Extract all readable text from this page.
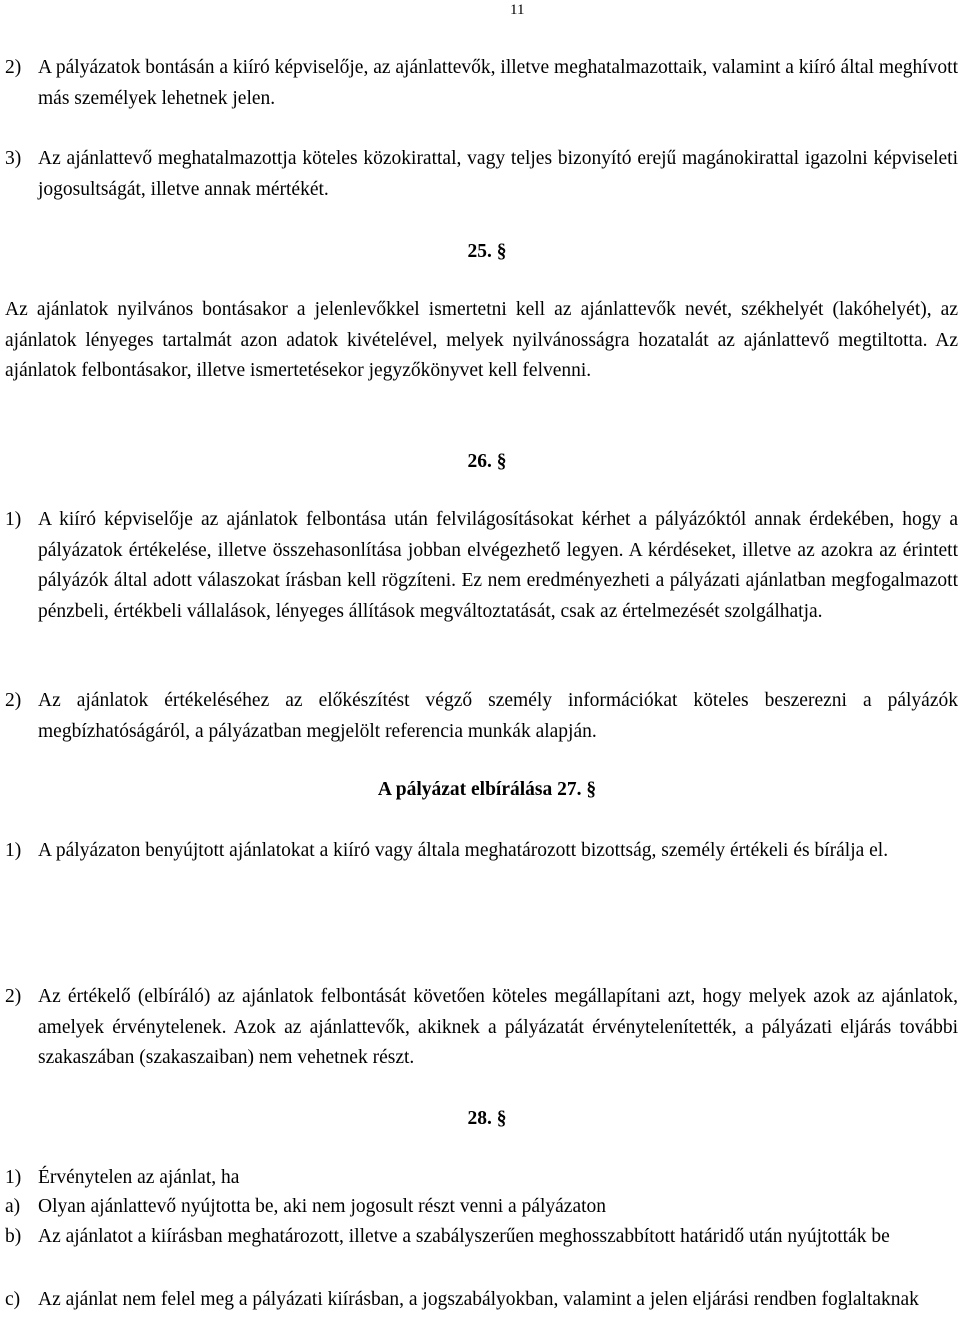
11
2) A pályázatok bontásán a kiíró képviselője, az ajánlattevők, illetve meghatalmazottaik, valamint a kiíró által meghívott más személyek lehetnek jelen.
3) Az ajánlattevő meghatalmazottja köteles közokirattal, vagy teljes bizonyító erejű magánokirattal igazolni képviseleti jogosultságát, illetve annak mértékét.
25. §
Az ajánlatok nyilvános bontásakor a jelenlevőkkel ismertetni kell az ajánlattevők nevét, székhelyét (lakóhelyét), az ajánlatok lényeges tartalmát azon adatok kivételével, melyek nyilvánosságra hozatalát az ajánlattevő megtiltotta. Az ajánlatok felbontásakor, illetve ismertetésekor jegyzőkönyvet kell felvenni.
26. §
1) A kiíró képviselője az ajánlatok felbontása után felvilágosításokat kérhet a pályázóktól annak érdekében, hogy a pályázatok értékelése, illetve összehasonlítása jobban elvégezhető legyen. A kérdéseket, illetve az azokra az érintett pályázók által adott válaszokat írásban kell rögzíteni. Ez nem eredményezheti a pályázati ajánlatban megfogalmazott pénzbeli, értékbeli vállalások, lényeges állítások megváltoztatását, csak az értelmezését szolgálhatja.
2) Az ajánlatok értékeléséhez az előkészítést végző személy információkat köteles beszerezni a pályázók megbízhatóságáról, a pályázatban megjelölt referencia munkák alapján.
A pályázat elbírálása 27. §
1) A pályázaton benyújtott ajánlatokat a kiíró vagy általa meghatározott bizottság, személy értékeli és bírálja el.
2) Az értékelő (elbíráló) az ajánlatok felbontását követően köteles megállapítani azt, hogy melyek azok az ajánlatok, amelyek érvénytelenek. Azok az ajánlattevők, akiknek a pályázatát érvénytelenítették, a pályázati eljárás további szakaszában (szakaszaiban) nem vehetnek részt.
28. §
1) Érvénytelen az ajánlat, ha
a) Olyan ajánlattevő nyújtotta be, aki nem jogosult részt venni a pályázaton
b) Az ajánlatot a kiírásban meghatározott, illetve a szabályszerűen meghosszabbított határidő után nyújtották be
c) Az ajánlat nem felel meg a pályázati kiírásban, a jogszabályokban, valamint a jelen eljárási rendben foglaltaknak
